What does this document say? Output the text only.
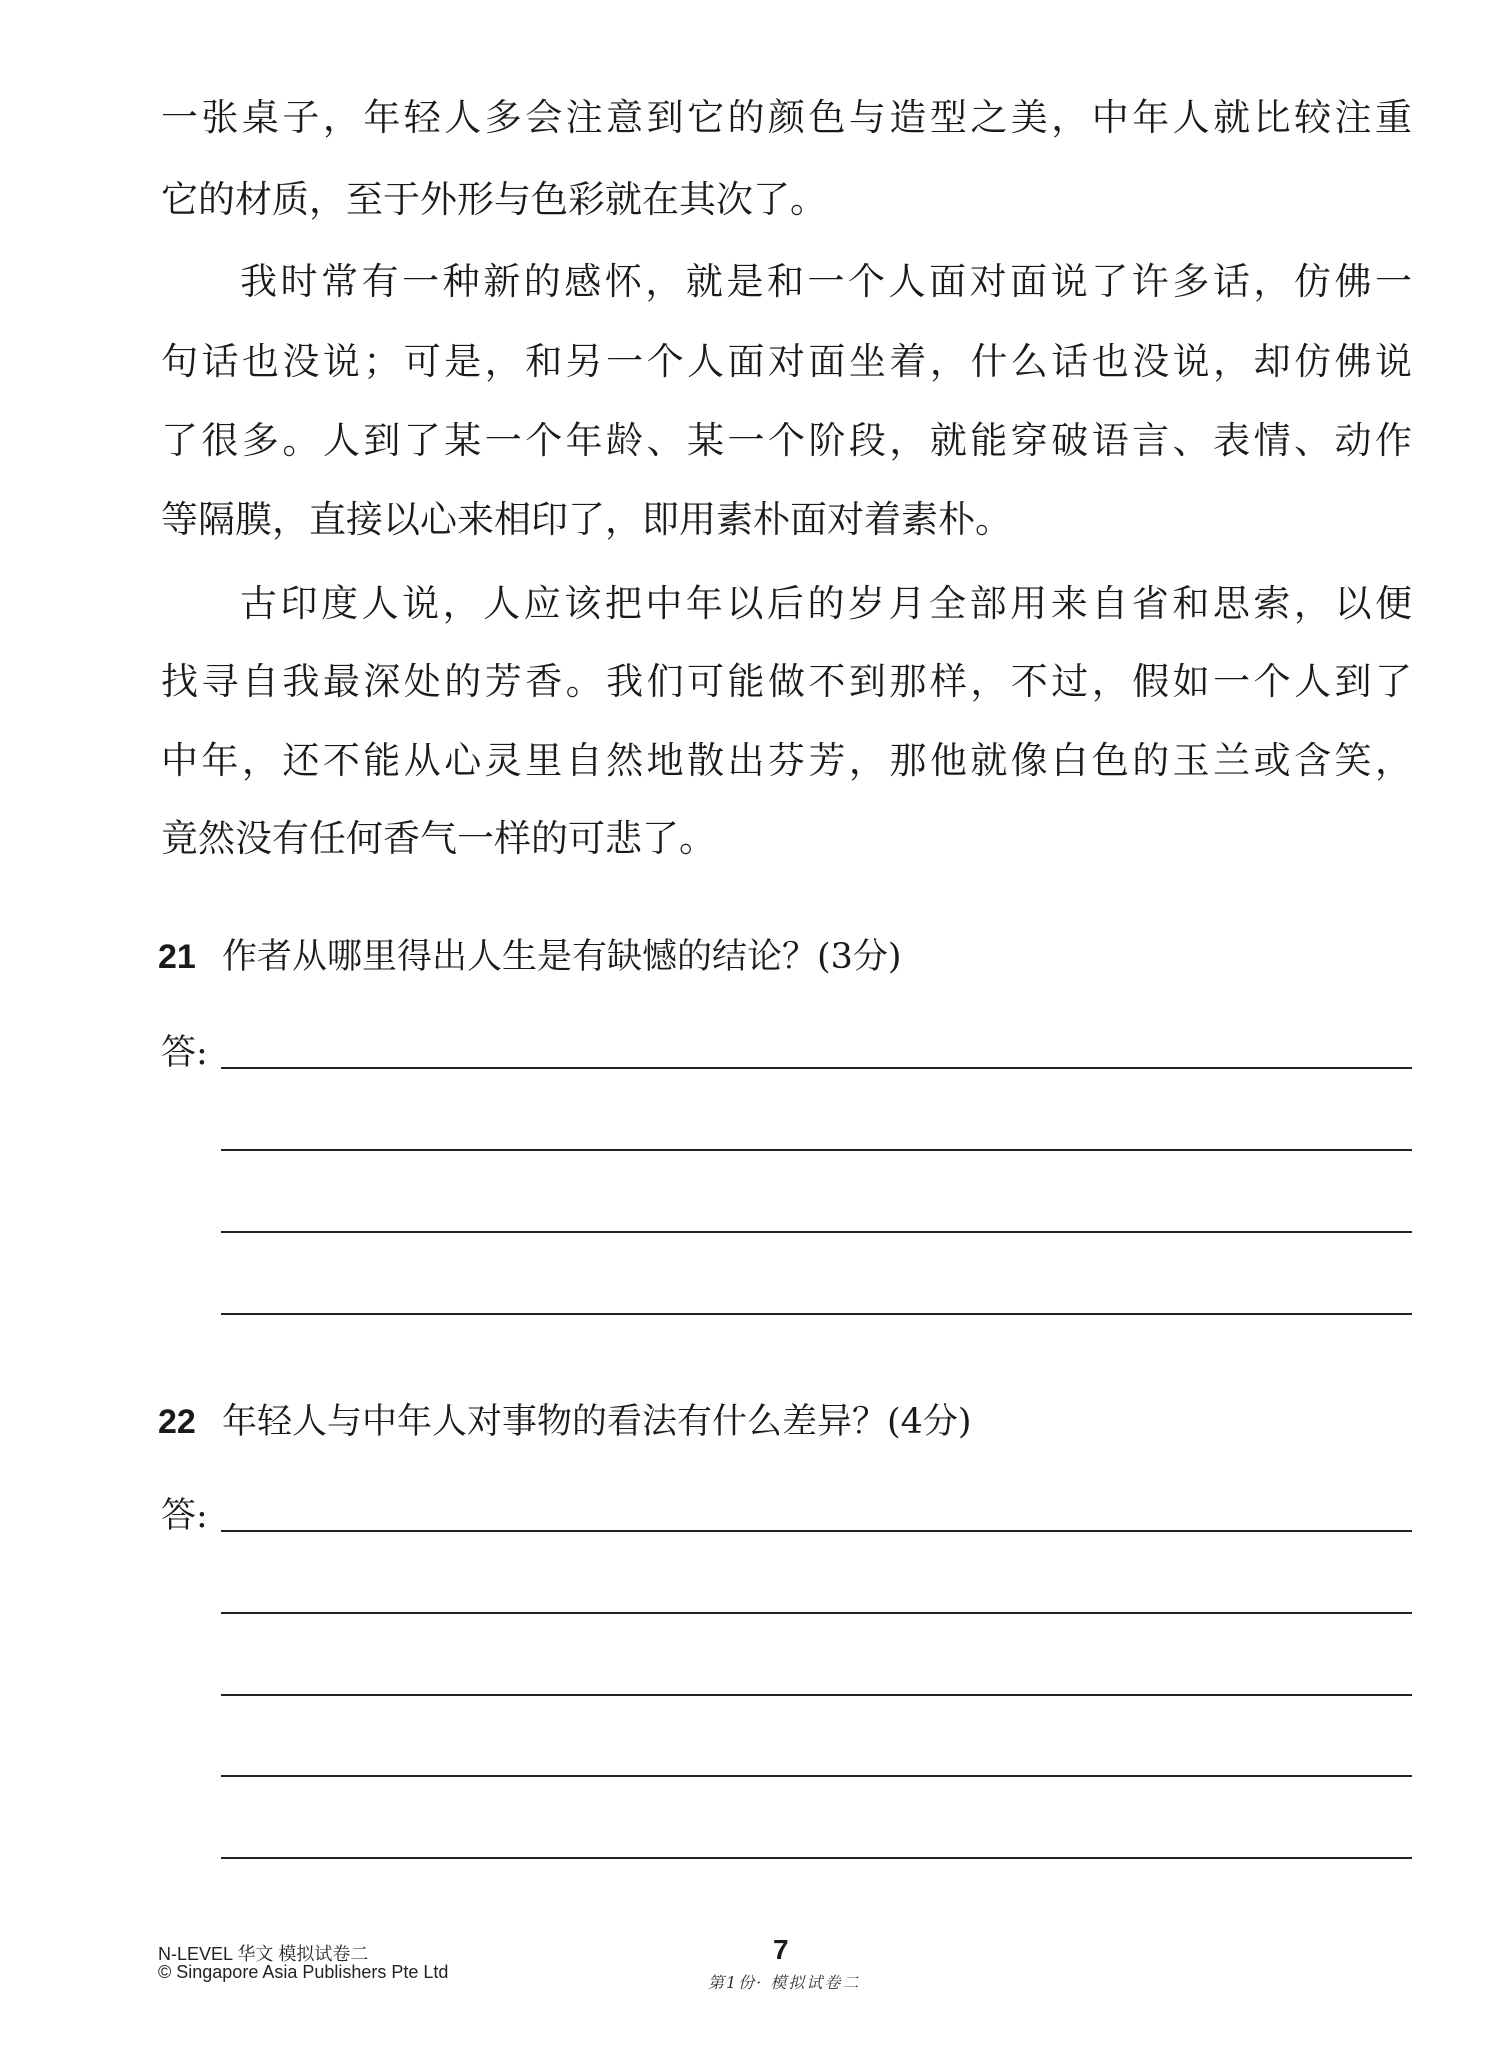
一张桌子，年轻人多会注意到它的颜色与造型之美，中年人就比较注重
它的材质，至于外形与色彩就在其次了。
我时常有一种新的感怀，就是和一个人面对面说了许多话，仿佛一
句话也没说；可是，和另一个人面对面坐着，什么话也没说，却仿佛说
了很多。人到了某一个年龄、某一个阶段，就能穿破语言、表情、动作
等隔膜，直接以心来相印了，即用素朴面对着素朴。
古印度人说，人应该把中年以后的岁月全部用来自省和思索，以便
找寻自我最深处的芳香。我们可能做不到那样，不过，假如一个人到了
中年，还不能从心灵里自然地散出芬芳，那他就像白色的玉兰或含笑，
竟然没有任何香气一样的可悲了。
21 作者从哪里得出人生是有缺憾的结论？(3分)
答:
22 年轻人与中年人对事物的看法有什么差异？(4分)
答:
N-LEVEL 华文 模拟试卷二
© Singapore Asia Publishers Pte Ltd
7
第1份· 模拟试卷二
